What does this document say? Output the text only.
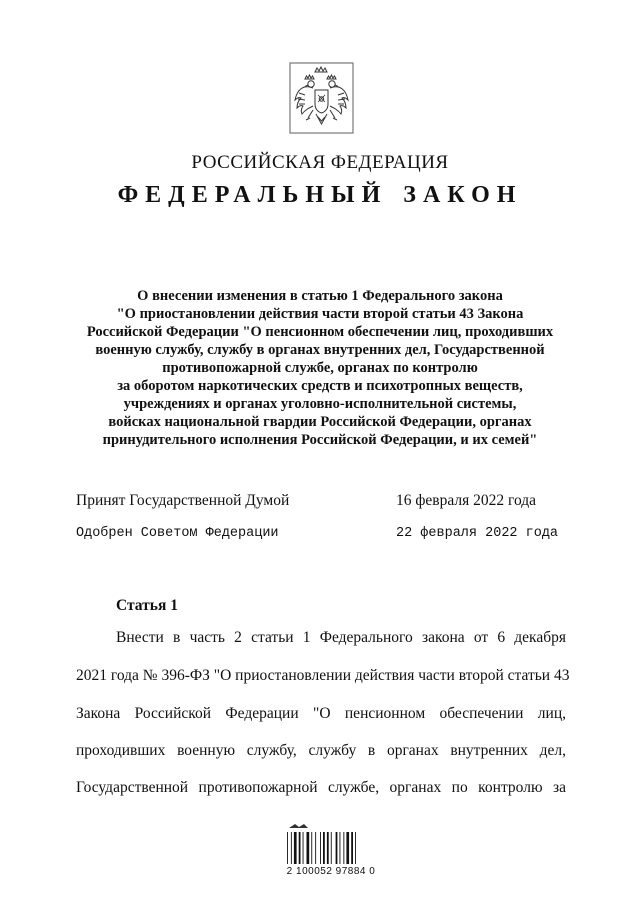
РОССИЙСКАЯ ФЕДЕРАЦИЯ
ФЕДЕРАЛЬНЫЙ ЗАКОН
О внесении изменения в статью 1 Федерального закона
"О приостановлении действия части второй статьи 43 Закона
Российской Федерации "О пенсионном обеспечении лиц, проходивших
военную службу, службу в органах внутренних дел, Государственной
противопожарной службе, органах по контролю
за оборотом наркотических средств и психотропных веществ,
учреждениях и органах уголовно-исполнительной системы,
войсках национальной гвардии Российской Федерации, органах
принудительного исполнения Российской Федерации, и их семей"
Принят Государственной Думой	16 февраля 2022 года
Одобрен Советом Федерации	22 февраля 2022 года
Статья 1
Внести в часть 2 статьи 1 Федерального закона от 6 декабря
2021 года № 396-ФЗ "О приостановлении действия части второй статьи 43
Закона Российской Федерации "О пенсионном обеспечении лиц,
проходивших военную службу, службу в органах внутренних дел,
Государственной противопожарной службе, органах по контролю за
2 100052 97884 0
